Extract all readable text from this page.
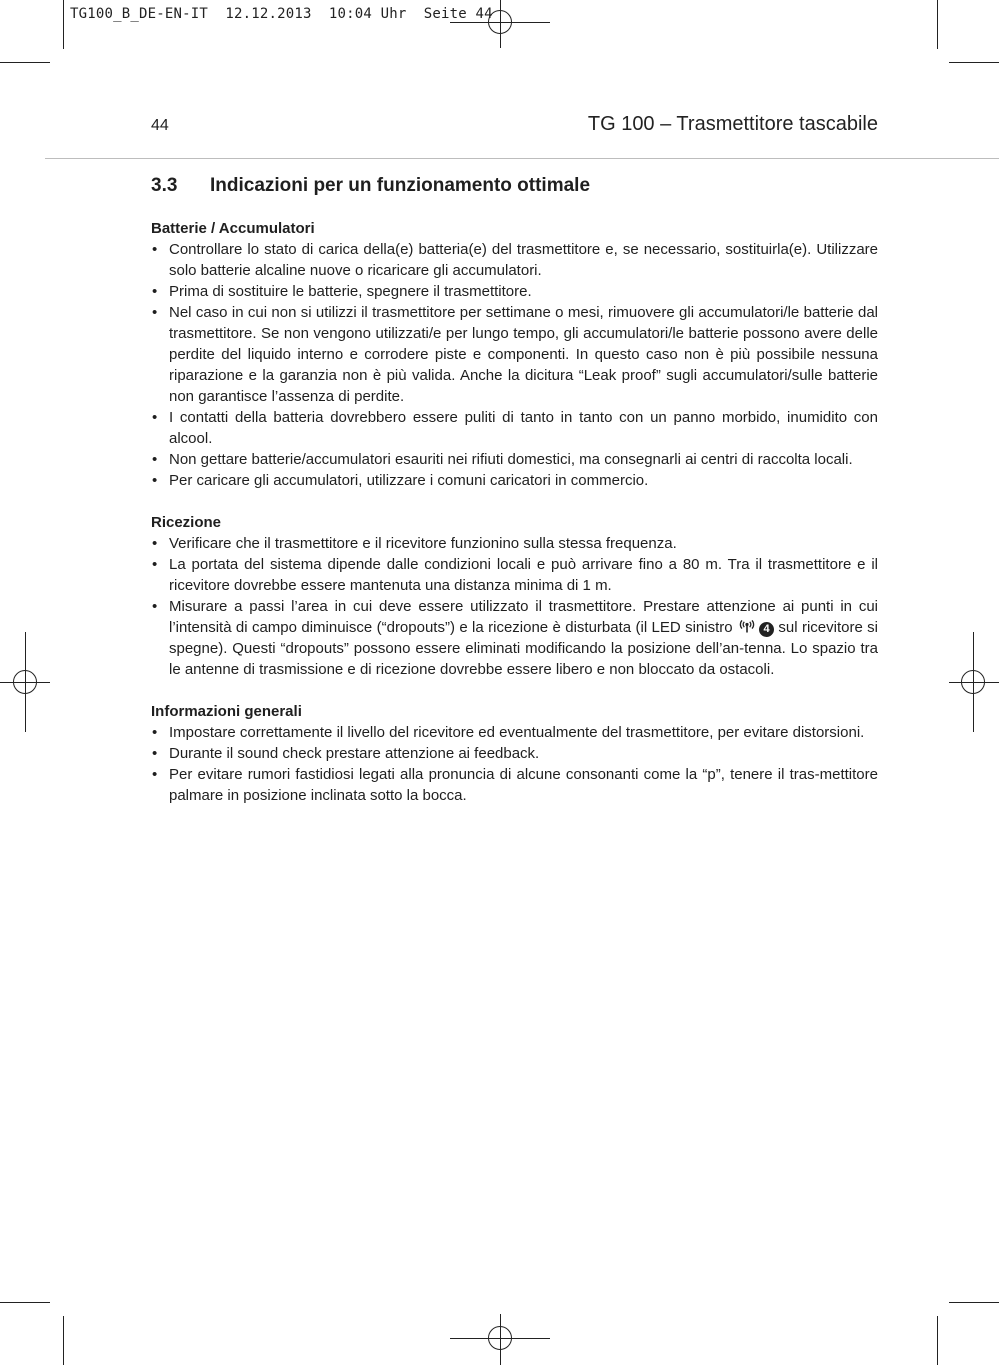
TG100_B_DE-EN-IT  12.12.2013  10:04 Uhr  Seite 44
44	TG 100 – Trasmettitore tascabile
3.3 Indicazioni per un funzionamento ottimale
Batterie / Accumulatori
• Controllare lo stato di carica della(e) batteria(e) del trasmettitore e, se necessario, sostituirla(e). Utilizzare solo batterie alcaline nuove o ricaricare gli accumulatori.
• Prima di sostituire le batterie, spegnere il trasmettitore.
• Nel caso in cui non si utilizzi il trasmettitore per settimane o mesi, rimuovere gli accumulatori/le batterie dal trasmettitore. Se non vengono utilizzati/e per lungo tempo, gli accumulatori/le batterie possono avere delle perdite del liquido interno e corrodere piste e componenti. In questo caso non è più possibile nessuna riparazione e la garanzia non è più valida. Anche la dicitura “Leak proof” sugli accumulatori/sulle batterie non garantisce l’assenza di perdite.
• I contatti della batteria dovrebbero essere puliti di tanto in tanto con un panno morbido, inumidito con alcool.
• Non gettare batterie/accumulatori esauriti nei rifiuti domestici, ma consegnarli ai centri di raccolta locali.
• Per caricare gli accumulatori, utilizzare i comuni caricatori in commercio.
Ricezione
• Verificare che il trasmettitore e il ricevitore funzionino sulla stessa frequenza.
• La portata del sistema dipende dalle condizioni locali e può arrivare fino a 80 m. Tra il trasmettitore e il ricevitore dovrebbe essere mantenuta una distanza minima di 1 m.
• Misurare a passi l’area in cui deve essere utilizzato il trasmettitore. Prestare attenzione ai punti in cui l’intensità di campo diminuisce (“dropouts”) e la ricezione è disturbata (il LED sinistro	4 sul ricevitore si spegne). Questi “dropouts” possono essere eliminati modificando la posizione dell’an-tenna. Lo spazio tra le antenne di trasmissione e di ricezione dovrebbe essere libero e non bloccato da ostacoli.
Informazioni generali
• Impostare correttamente il livello del ricevitore ed eventualmente del trasmettitore, per evitare distorsioni.
• Durante il sound check prestare attenzione ai feedback.
• Per evitare rumori fastidiosi legati alla pronuncia di alcune consonanti come la “p”, tenere il tras-mettitore palmare in posizione inclinata sotto la bocca.
